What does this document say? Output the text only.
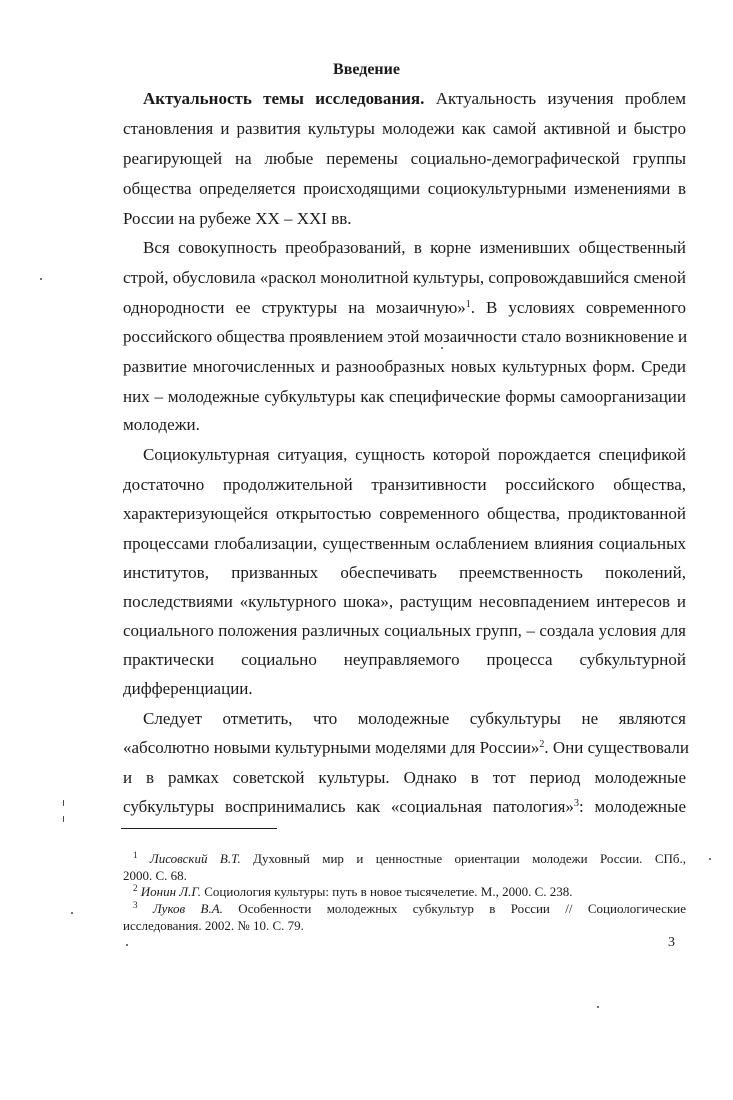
Введение

Актуальность темы исследования. Актуальность изучения проблем

становления и развития культуры молодежи как самой активной и быстро

реагирующей на любые перемены социально-демографической группы

общества определяется происходящими социокультурными изменениями в

России на рубеже XX – XXI вв.

Вся совокупность преобразований, в корне изменивших общественный

строй, обусловила «раскол монолитной культуры, сопровождавшийся сменой

однородности ее структуры на мозаичную»$^1$. В условиях современного

российского общества проявлением этой мозаичности стало возникновение и

развитие многочисленных и разнообразных новых культурных форм. Среди

них – молодежные субкультуры как специфические формы самоорганизации

молодежи.

Социокультурная ситуация, сущность которой порождается спецификой

достаточно продолжительной транзитивности российского общества,

характеризующейся открытостью современного общества, продиктованной

процессами глобализации, существенным ослаблением влияния социальных

институтов, призванных обеспечивать преемственность поколений,

последствиями «культурного шока», растущим несовпадением интересов и

социального положения различных социальных групп, – создала условия для

практически социально неуправляемого процесса субкультурной

дифференциации.

Следует отметить, что молодежные субкультуры не являются

«абсолютно новыми культурными моделями для России»$^2$. Они существовали

и в рамках советской культуры. Однако в тот период молодежные

субкультуры воспринимались как «социальная патология»$^3$: молодежные

$^1$ Лисовский В.Т. Духовный мир и ценностные ориентации молодежи России. СПб.,

2000. С. 68.

$^2$ Ионин Л.Г. Социология культуры: путь в новое тысячелетие. М., 2000. С. 238.

$^3$ Луков В.А. Особенности молодежных субкультур в России // Социологические

исследования. 2002. № 10. С. 79.

3
